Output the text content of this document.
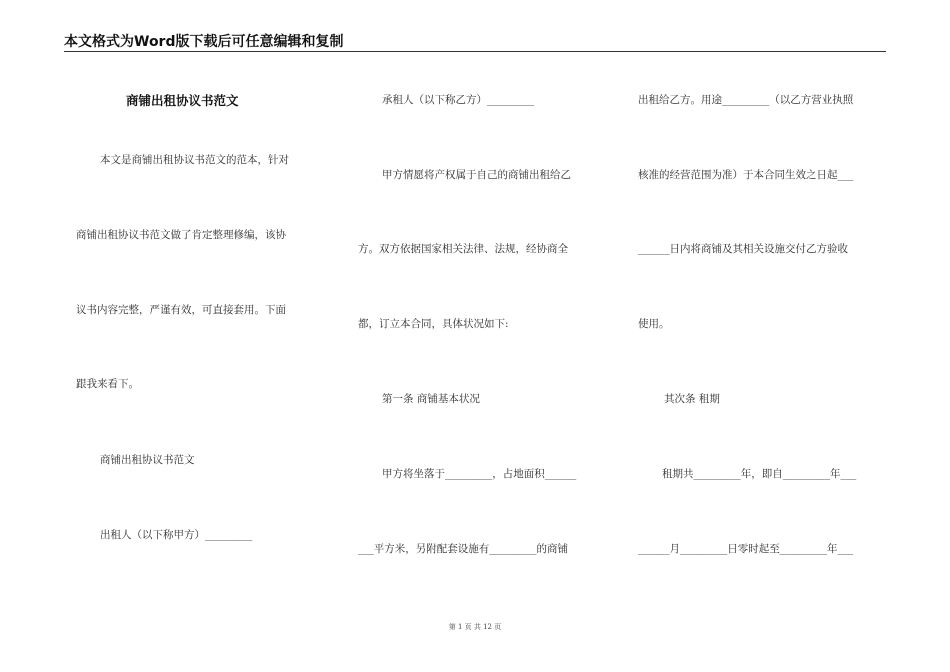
本文格式为Word版下载后可任意编辑和复制
商铺出租协议书范文
本文是商铺出租协议书范文的范本，针对
商铺出租协议书范文做了肯定整理修编，该协
议书内容完整，严谨有效，可直接套用。下面
跟我来看下。
商铺出租协议书范文
出租人（以下称甲方）_________
承租人（以下称乙方）_________
甲方情愿将产权属于自己的商铺出租给乙
方。双方依据国家相关法律、法规，经协商全
都，订立本合同，具体状况如下:
第一条 商铺基本状况
甲方将坐落于_________，占地面积______
___平方米，另附配套设施有_________的商铺
出租给乙方。用途_________（以乙方营业执照
核准的经营范围为准）于本合同生效之日起___
______日内将商铺及其相关设施交付乙方验收
使用。
其次条 租期
租期共_________年，即自_________年___
______月_________日零时起至_________年___
第 1 页 共 12 页
